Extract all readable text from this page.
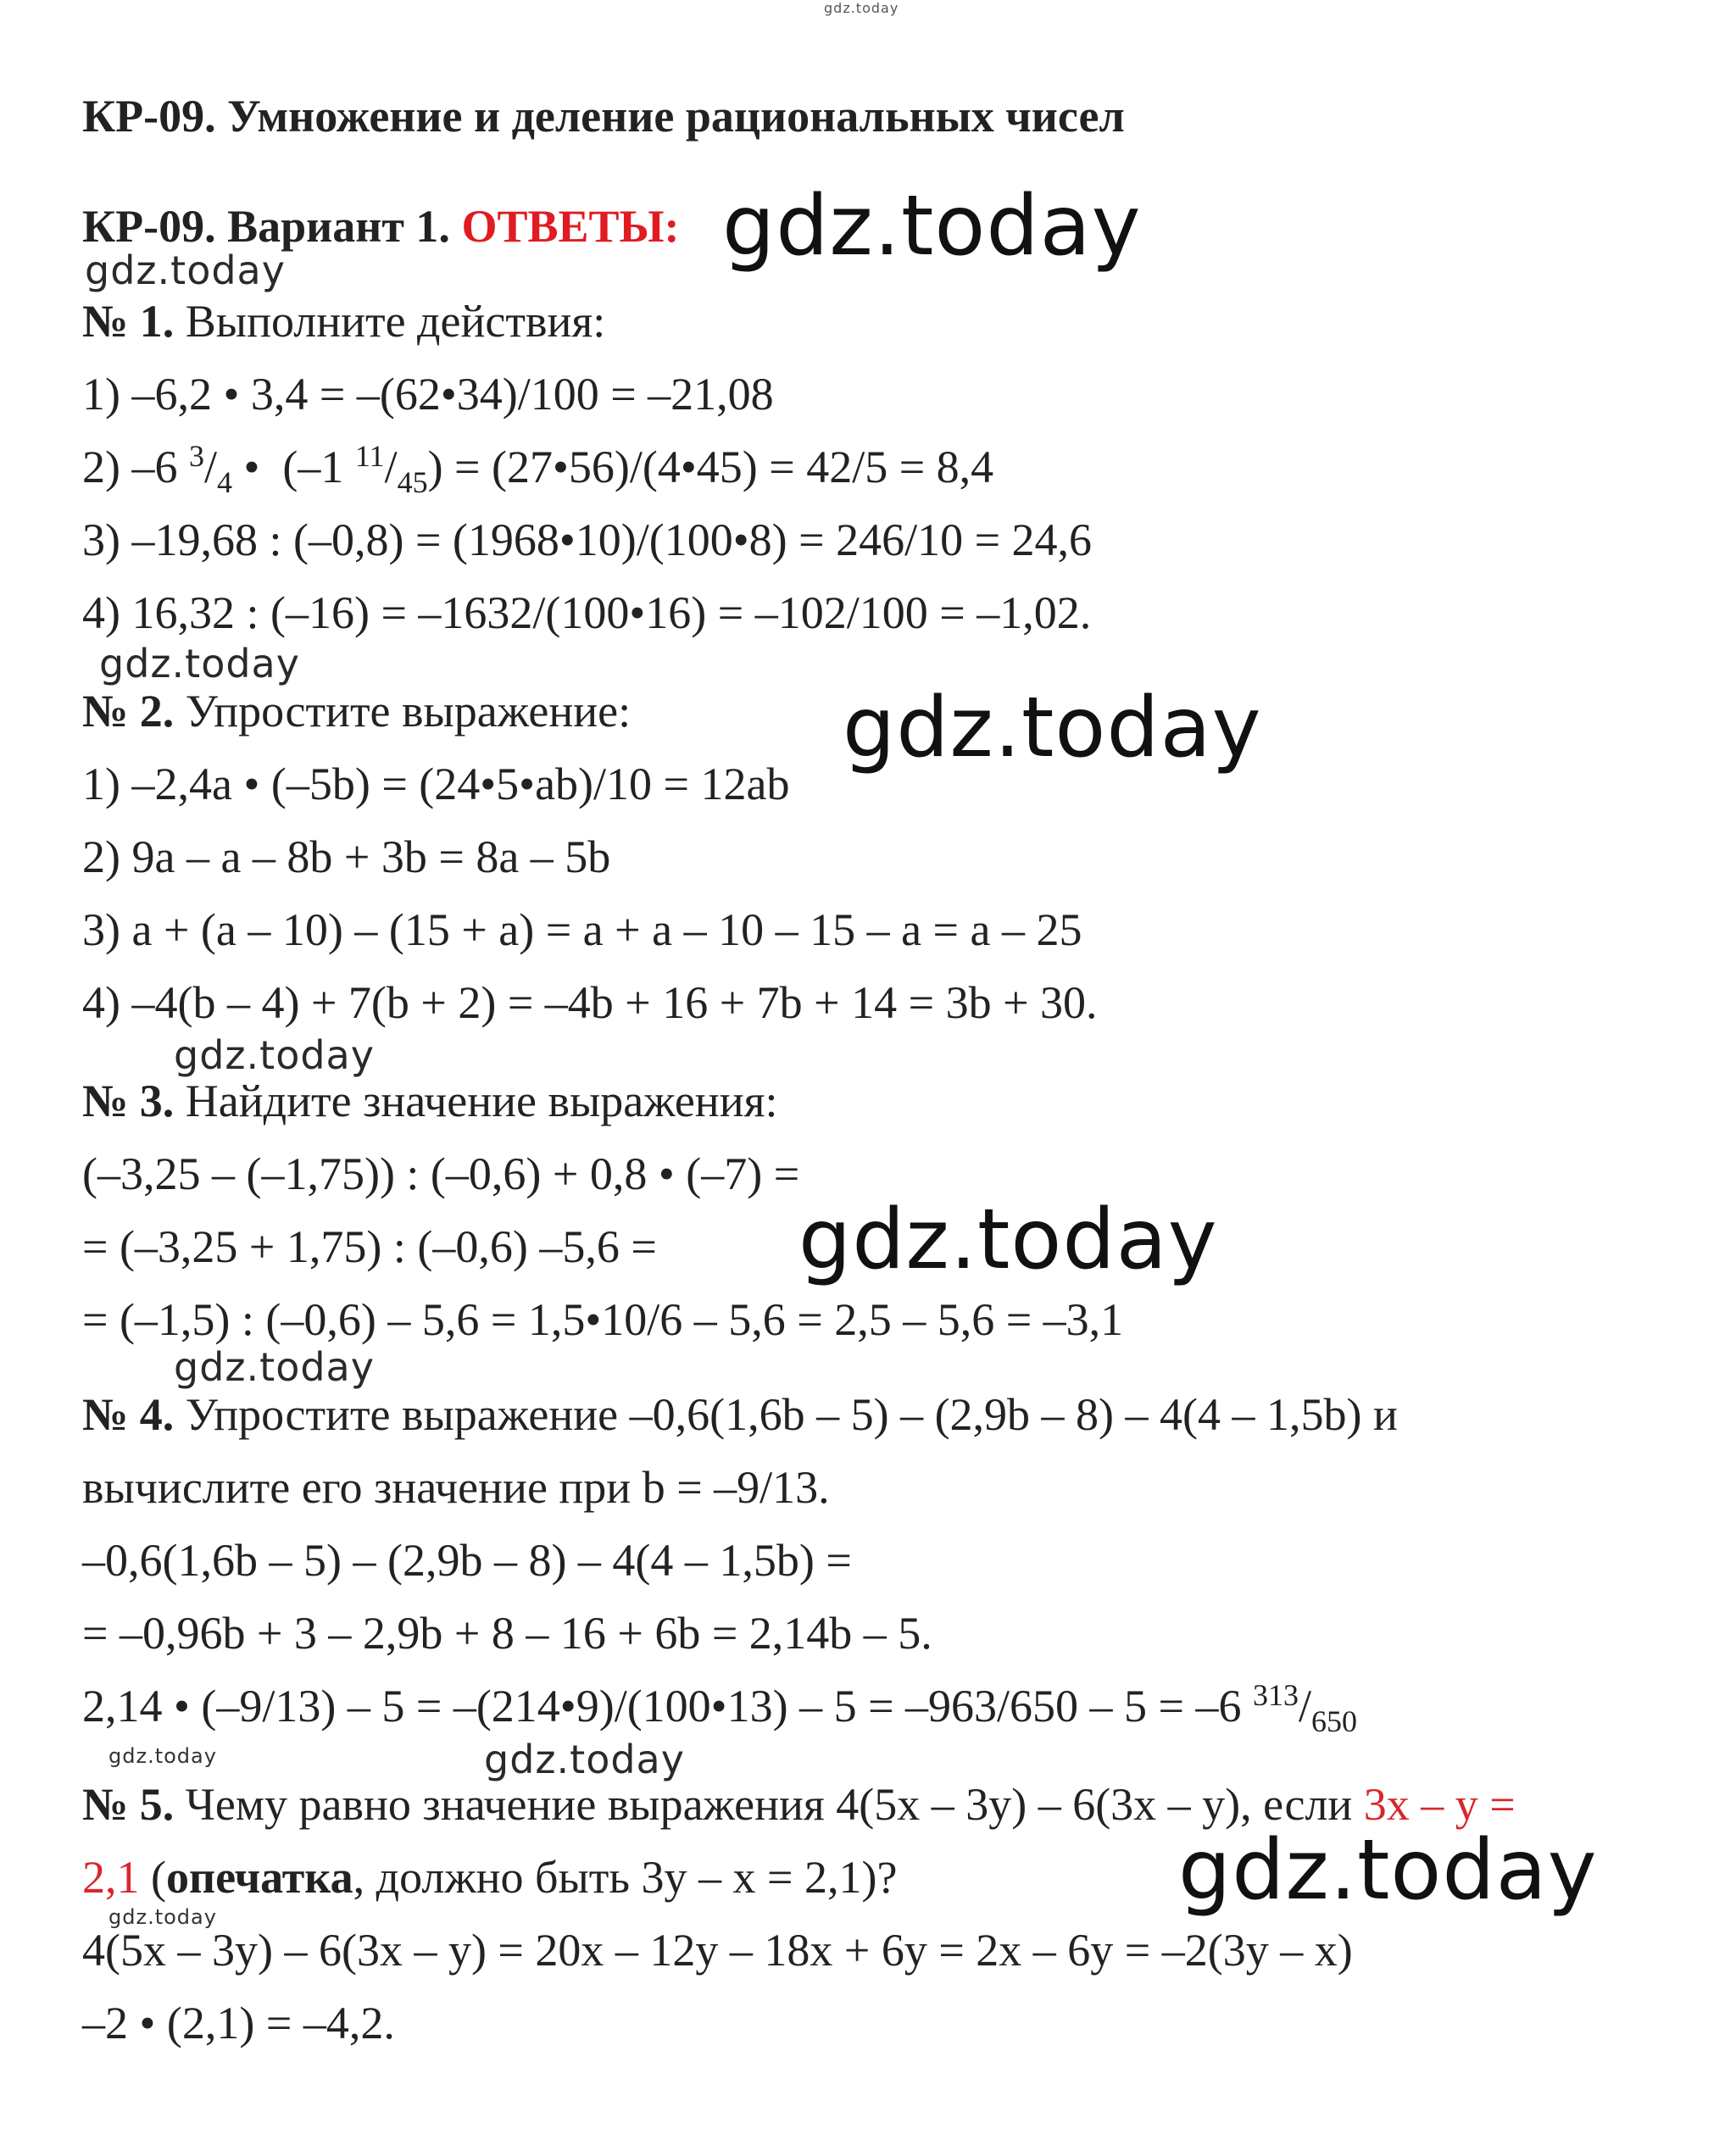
gdz.today
gdz.today
gdz.today
gdz.today
gdz.today
gdz.today
gdz.today
gdz.today
gdz.today	gdz.today
gdz.today
gdz.today
КР-09. Умножение и деление рациональных чисел
КР-09. Вариант 1. ОТВЕТЫ:
№ 1. Выполните действия:
1) –6,2 • 3,4 = –(62•34)/100 = –21,08
2) –6 $^3/_4$ •  (–1 $^{11}/_{45}$) = (27•56)/(4•45) = 42/5 = 8,4
3) –19,68 : (–0,8) = (1968•10)/(100•8) = 246/10 = 24,6
4) 16,32 : (–16) = –1632/(100•16) = –102/100 = –1,02.
№ 2. Упростите выражение:
1) –2,4a • (–5b) = (24•5•ab)/10 = 12ab
2) 9a – a – 8b + 3b = 8a – 5b
3) a + (a – 10) – (15 + a) = a + a – 10 – 15 – a = a – 25
4) –4(b – 4) + 7(b + 2) = –4b + 16 + 7b + 14 = 3b + 30.
№ 3. Найдите значение выражения:
(–3,25 – (–1,75)) : (–0,6) + 0,8 • (–7) =
= (–3,25 + 1,75) : (–0,6) –5,6 =
= (–1,5) : (–0,6) – 5,6 = 1,5•10/6 – 5,6 = 2,5 – 5,6 = –3,1
№ 4. Упростите выражение –0,6(1,6b – 5) – (2,9b – 8) – 4(4 – 1,5b) и
вычислите его значение при b = –9/13.
–0,6(1,6b – 5) – (2,9b – 8) – 4(4 – 1,5b) =
= –0,96b + 3 – 2,9b + 8 – 16 + 6b = 2,14b – 5.
2,14 • (–9/13) – 5 = –(214•9)/(100•13) – 5 = –963/650 – 5 = –6 $^{313}/_{650}$
№ 5. Чему равно значение выражения 4(5x – 3y) – 6(3x – y), если 3x – y =
2,1 (опечатка, должно быть 3y – x = 2,1)?
4(5x – 3y) – 6(3x – y) = 20x – 12y – 18x + 6y = 2x – 6y = –2(3y – x)
–2 • (2,1) = –4,2.
